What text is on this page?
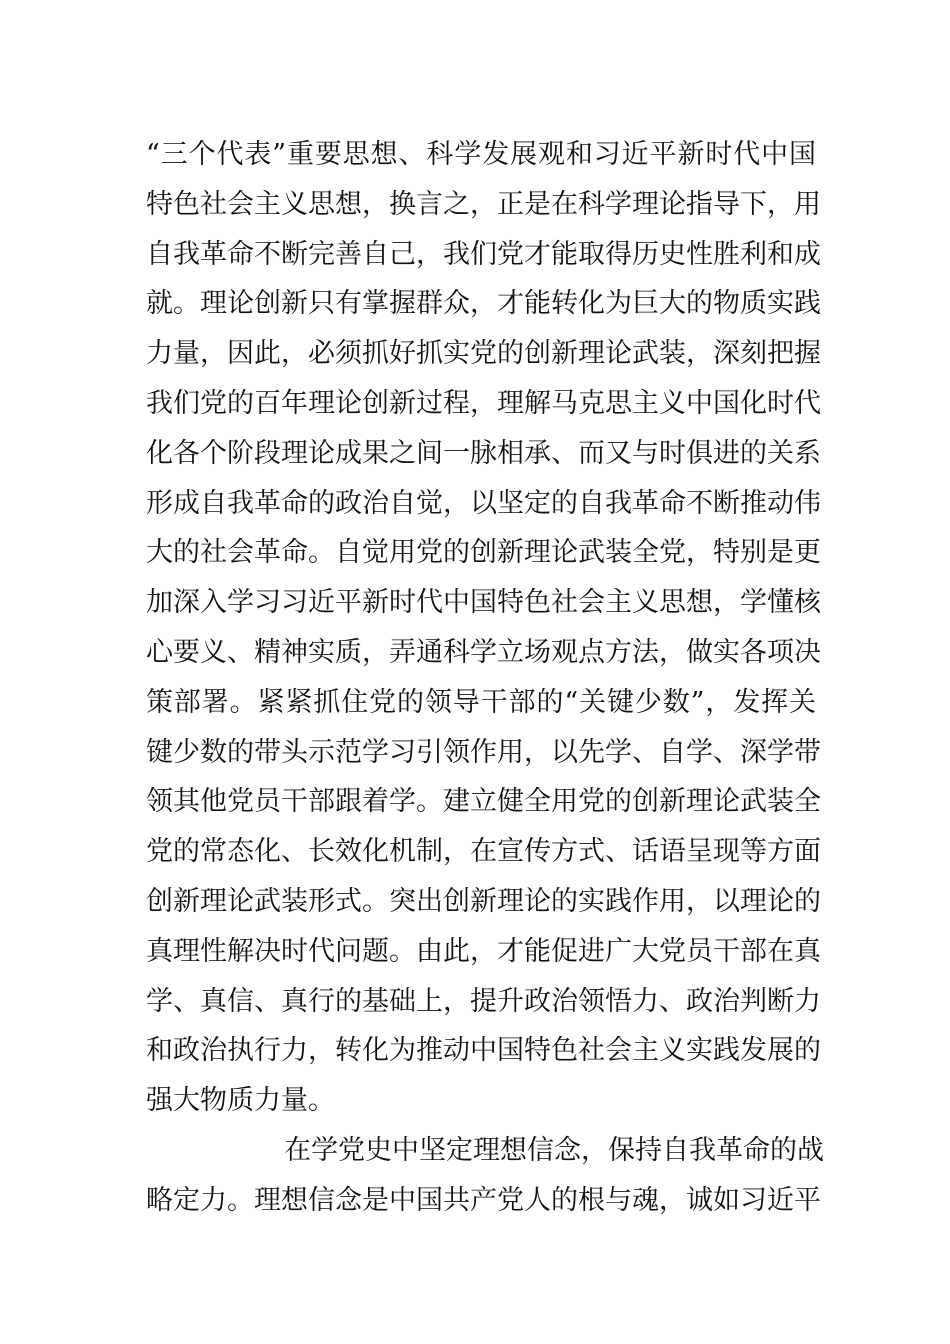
“ 三 个 代 表 ” 重 要 思 想 、 科 学 发 展 观 和 习 近 平 新 时 代 中 国
特 色 社 会 主 义 思 想 ， 换 言 之 ， 正 是 在 科 学 理 论 指 导 下 ， 用
自 我 革 命 不 断 完 善 自 己 ， 我 们 党 才 能 取 得 历 史 性 胜 利 和 成
就 。 理 论 创 新 只 有 掌 握 群 众 ， 才 能 转 化 为 巨 大 的 物 质 实 践
力 量 ， 因 此 ， 必 须 抓 好 抓 实 党 的 创 新 理 论 武 装 ， 深 刻 把 握
我 们 党 的 百 年 理 论 创 新 过 程 ， 理 解 马 克 思 主 义 中 国 化 时 代
化 各 个 阶 段 理 论 成 果 之 间 一 脉 相 承 、 而 又 与 时 俱 进 的 关 系
形 成 自 我 革 命 的 政 治 自 觉 ， 以 坚 定 的 自 我 革 命 不 断 推 动 伟
大 的 社 会 革 命 。 自 觉 用 党 的 创 新 理 论 武 装 全 党 ， 特 别 是 更
加 深 入 学 习 习 近 平 新 时 代 中 国 特 色 社 会 主 义 思 想 ， 学 懂 核
心 要 义 、 精 神 实 质 ， 弄 通 科 学 立 场 观 点 方 法 ， 做 实 各 项 决
策 部 署 。 紧 紧 抓 住 党 的 领 导 干 部 的 “ 关 键 少 数 ” ， 发 挥 关
键 少 数 的 带 头 示 范 学 习 引 领 作 用 ， 以 先 学 、 自 学 、 深 学 带
领 其 他 党 员 干 部 跟 着 学 。 建 立 健 全 用 党 的 创 新 理 论 武 装 全
党 的 常 态 化 、 长 效 化 机 制 ， 在 宣 传 方 式 、 话 语 呈 现 等 方 面
创 新 理 论 武 装 形 式 。 突 出 创 新 理 论 的 实 践 作 用 ， 以 理 论 的
真 理 性 解 决 时 代 问 题 。 由 此 ， 才 能 促 进 广 大 党 员 干 部 在 真
学 、 真 信 、 真 行 的 基 础 上 ， 提 升 政 治 领 悟 力 、 政 治 判 断 力
和 政 治 执 行 力 ， 转 化 为 推 动 中 国 特 色 社 会 主 义 实 践 发 展 的
强大物质力量。
在 学 党 史 中 坚 定 理 想 信 念 ， 保 持 自 我 革 命 的 战
略 定 力 。 理 想 信 念 是 中 国 共 产 党 人 的 根 与 魂 ， 诚 如 习 近 平
